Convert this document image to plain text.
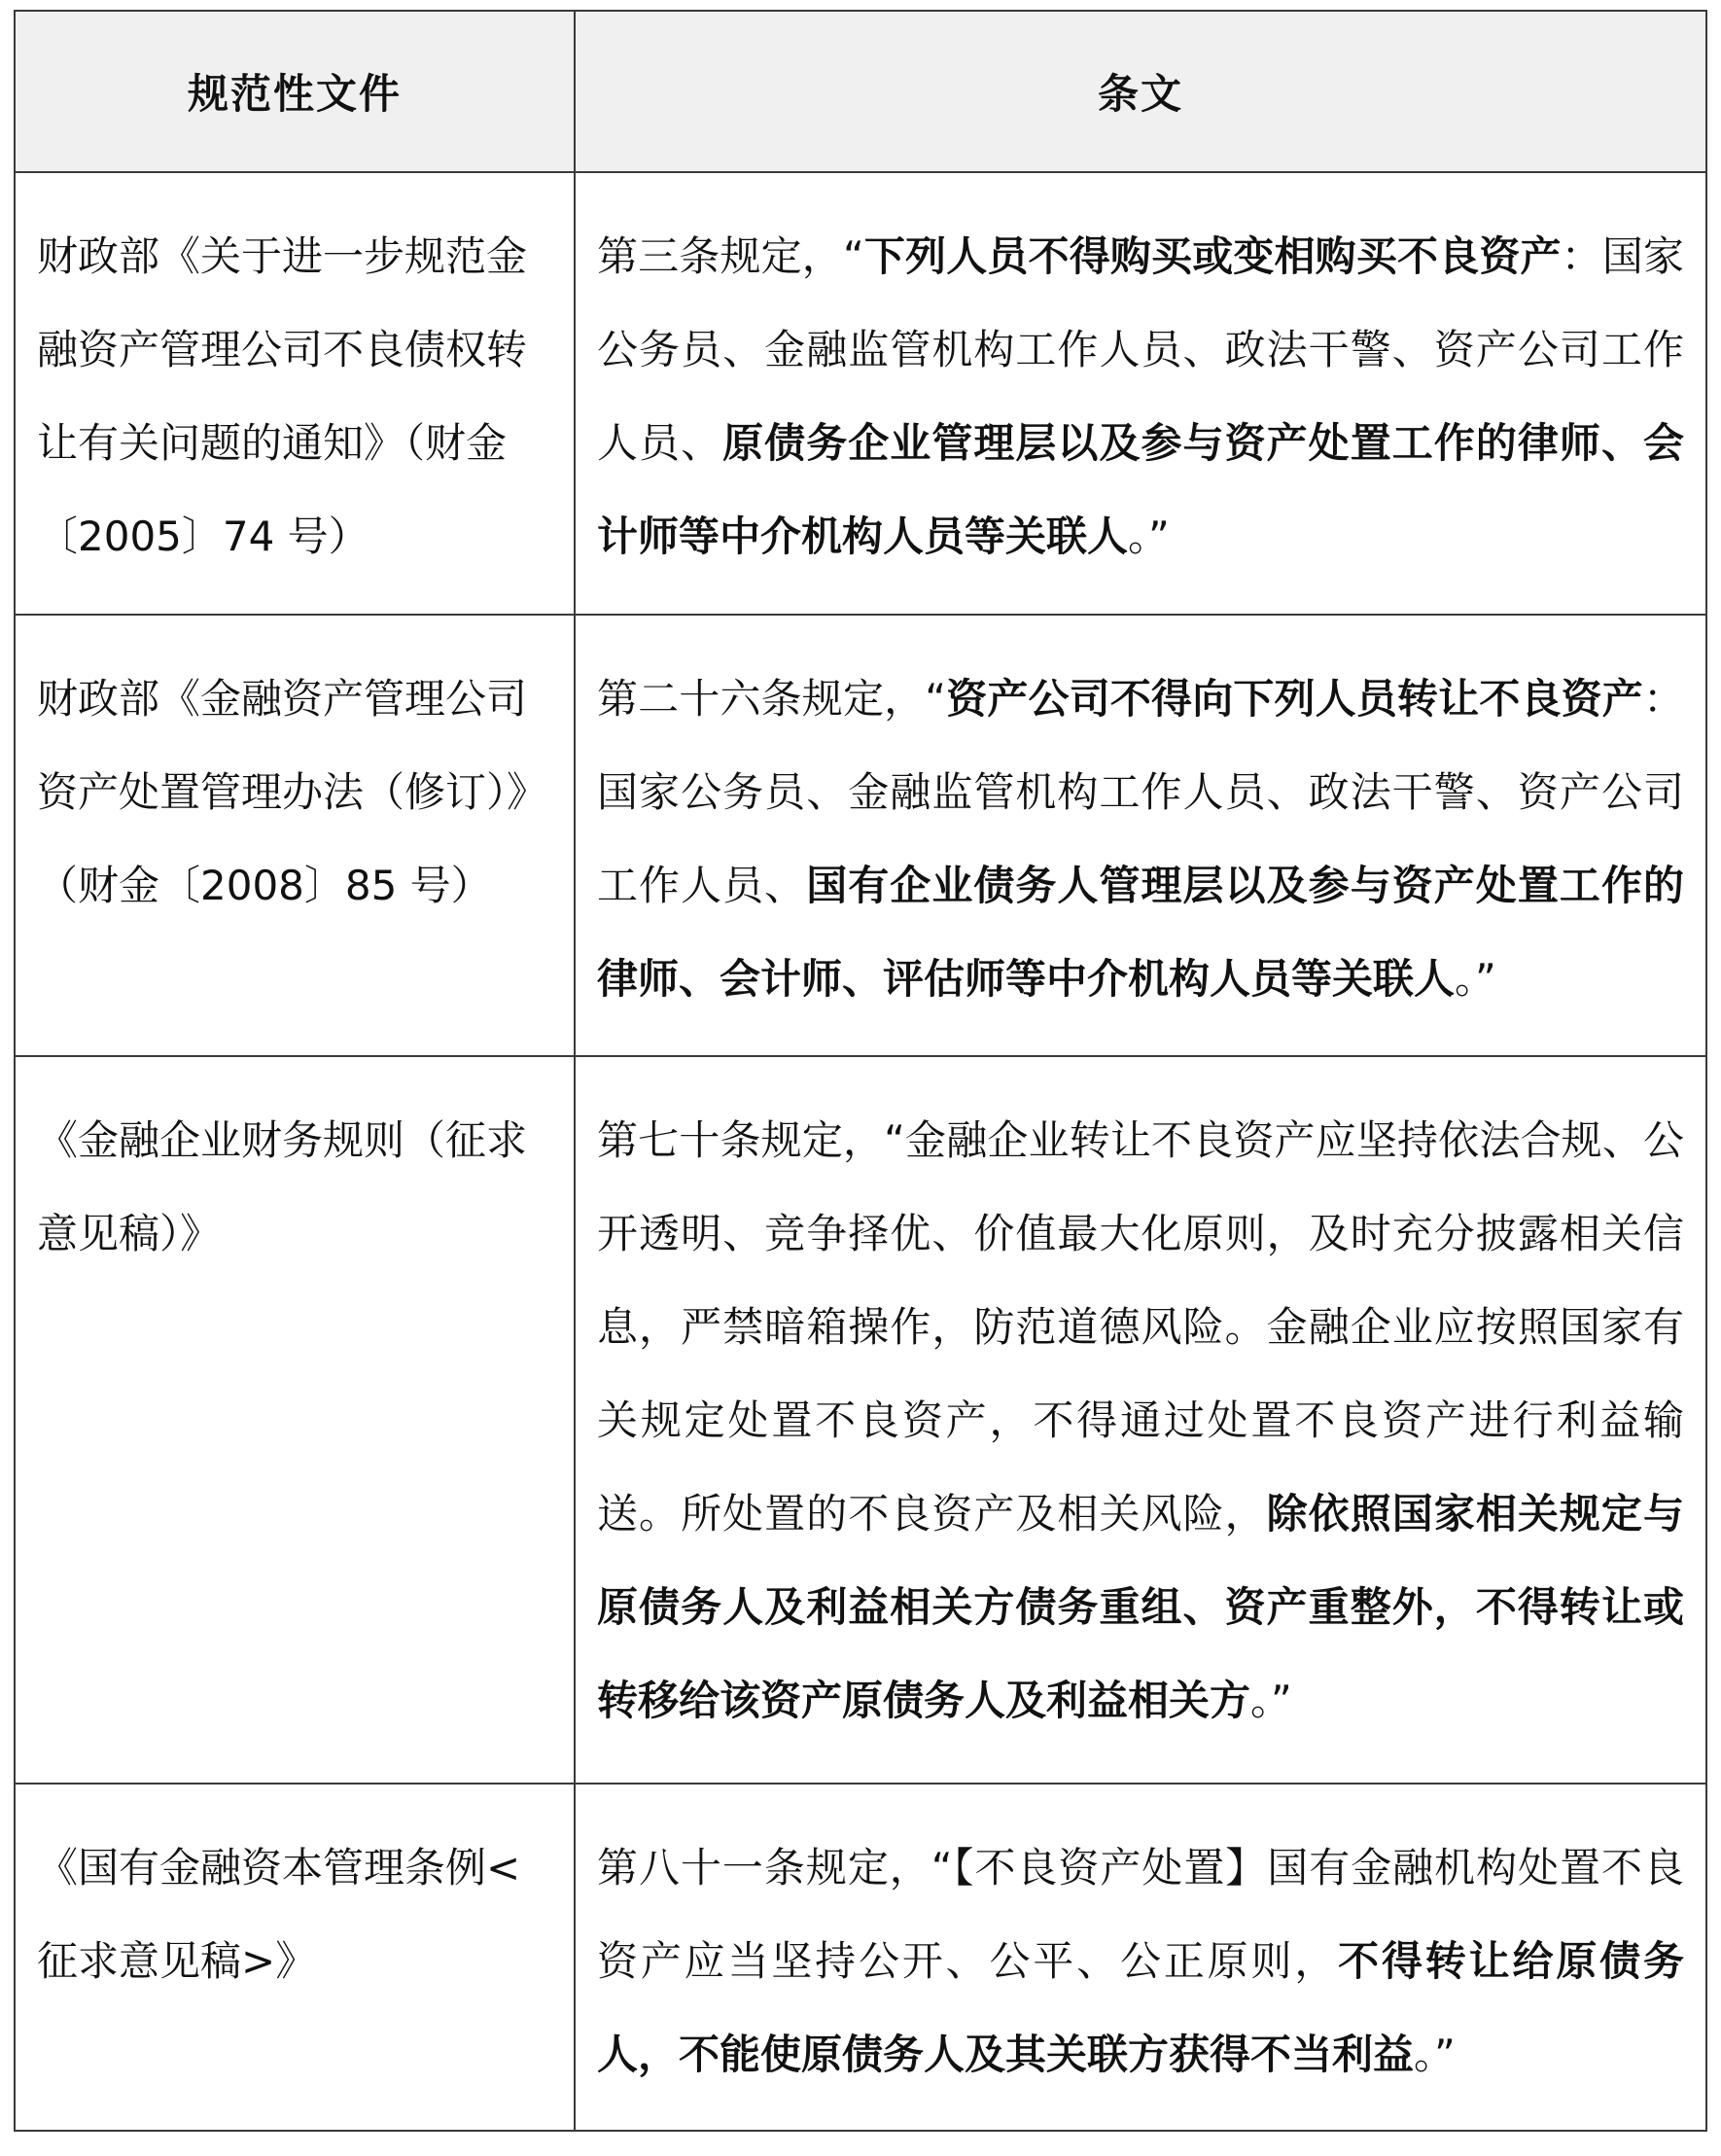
规范性文件	条文
财政部《关于进一步规范金融资产管理公司不良债权转让有关问题的通知》（财金〔2005〕74 号）	第三条规定，“下列人员不得购买或变相购买不良资产：国家公务员、金融监管机构工作人员、政法干警、资产公司工作人员、原债务企业管理层以及参与资产处置工作的律师、会计师等中介机构人员等关联人。”
财政部《金融资产管理公司资产处置管理办法（修订）》（财金〔2008〕85 号）	第二十六条规定，“资产公司不得向下列人员转让不良资产：国家公务员、金融监管机构工作人员、政法干警、资产公司工作人员、国有企业债务人管理层以及参与资产处置工作的律师、会计师、评估师等中介机构人员等关联人。”
《金融企业财务规则（征求意见稿）》	第七十条规定，“金融企业转让不良资产应坚持依法合规、公开透明、竞争择优、价值最大化原则，及时充分披露相关信息，严禁暗箱操作，防范道德风险。金融企业应按照国家有关规定处置不良资产，不得通过处置不良资产进行利益输送。所处置的不良资产及相关风险，除依照国家相关规定与原债务人及利益相关方债务重组、资产重整外，不得转让或转移给该资产原债务人及利益相关方。”
《国有金融资本管理条例<征求意见稿>》	第八十一条规定，“【不良资产处置】国有金融机构处置不良资产应当坚持公开、公平、公正原则，不得转让给原债务人，不能使原债务人及其关联方获得不当利益。”
